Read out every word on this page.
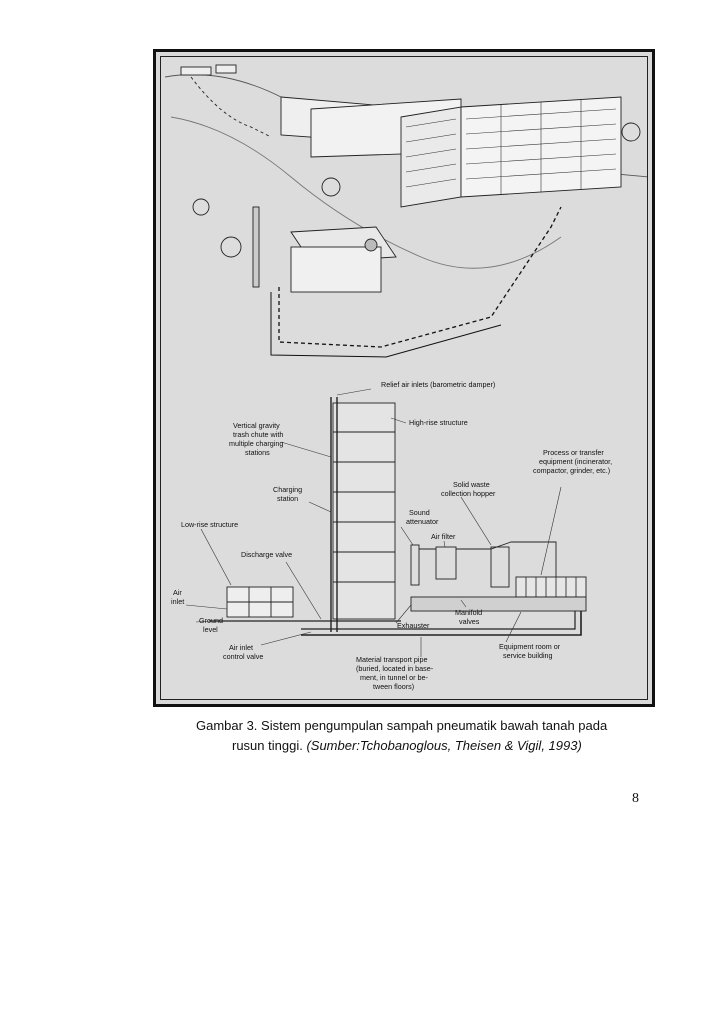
Relief air inlets (barometric damper)
Vertical gravity
trash chute with
multiple charging
stations
High-rise structure
Process or transfer
equipment (incinerator,
compactor, grinder, etc.)
Charging
station
Solid waste
collection hopper
Sound
attenuator
Low-rise structure
Air filter
Discharge valve
Air
inlet
Ground
level
Manifold
valves
Exhauster
Air inlet
control valve	Material transport pipe
(buried, located in base-
ment, in tunnel or be-
tween floors)
Equipment room or
service building
Gambar 3. Sistem pengumpulan sampah pneumatik bawah tanah pada
rusun tinggi. (Sumber:Tchobanoglous, Theisen & Vigil, 1993)
8
